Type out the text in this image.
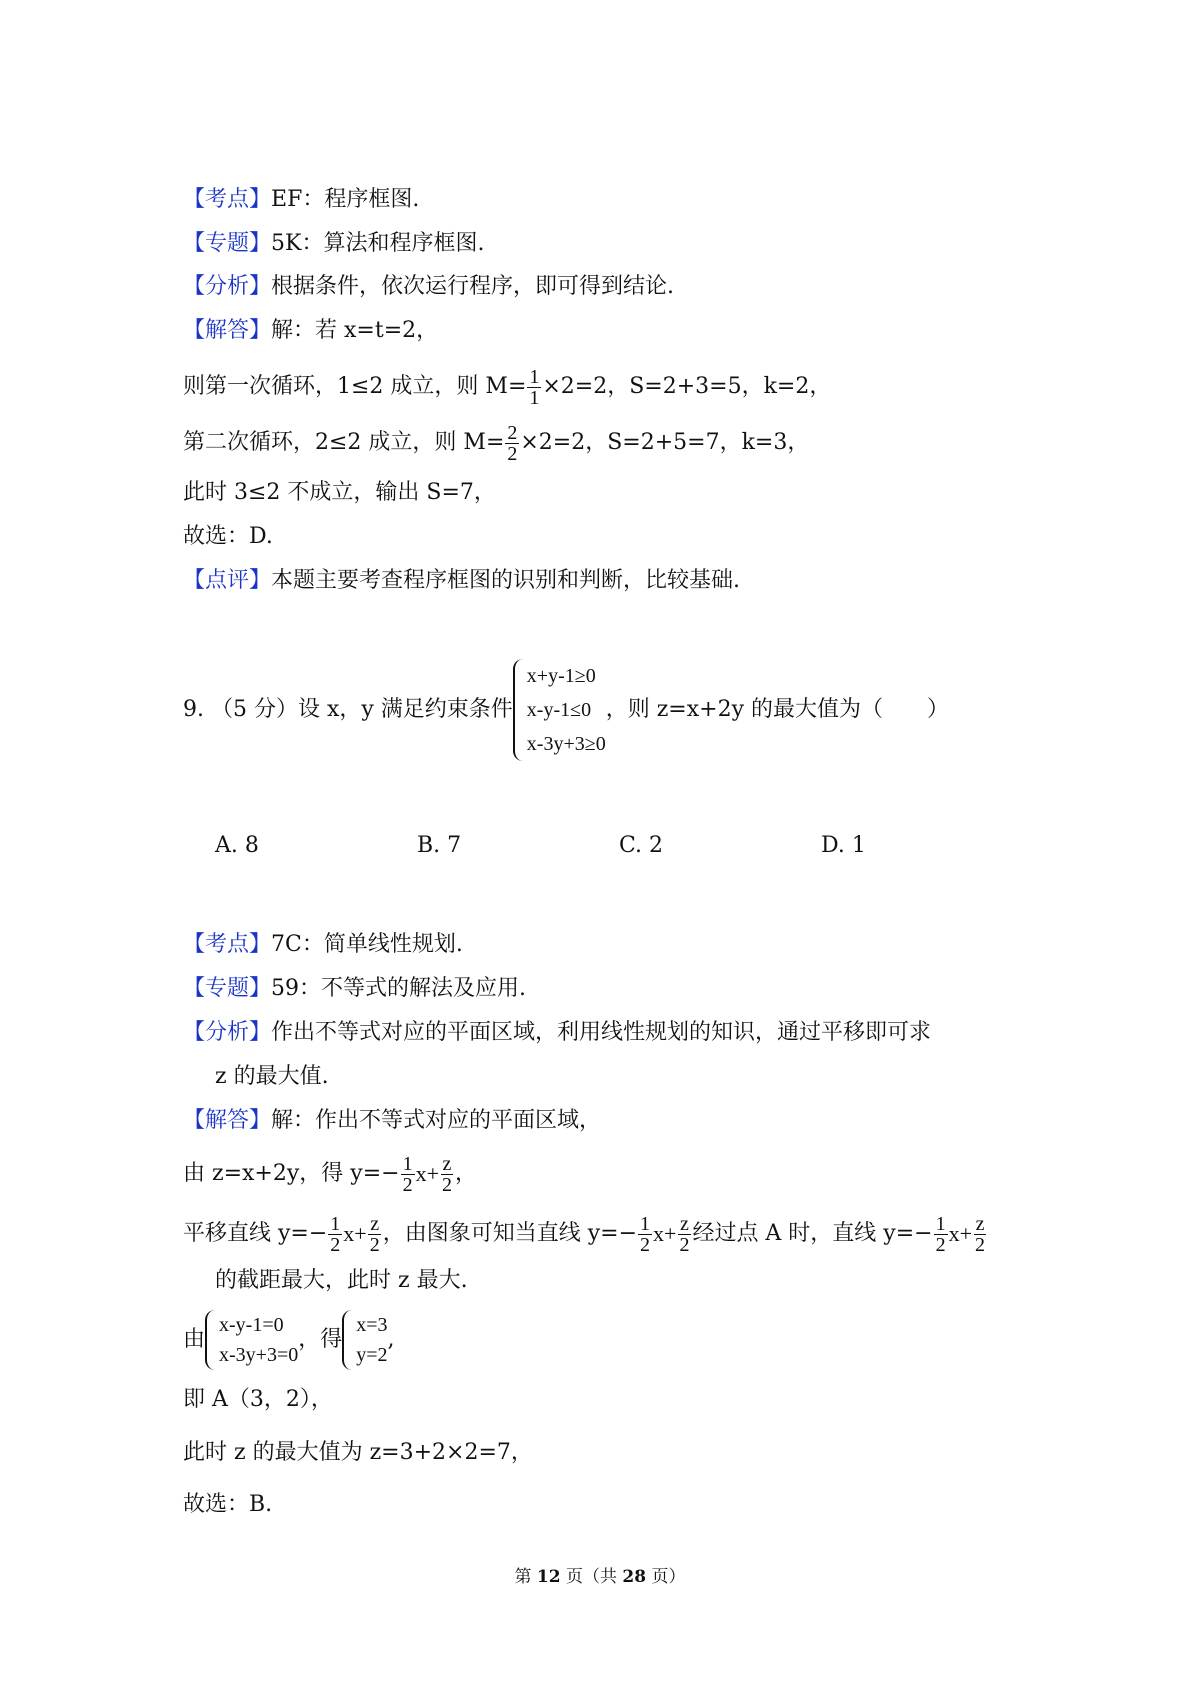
【考点】 EF：程序框图.
【专题】 5K：算法和程序框图.
【分析】 根据条件，依次运行程序，即可得到结论.
【解答】 解：若 x=t=2，
则第一次循环，1≤2 成立，则 $M= \frac{1}{1} \times 2=2$，S=2+3=5，k=2，
第二次循环，2≤2 成立，则 $M= \frac{2}{2} \times 2=2$，S=2+5=7，k=3，
此时 3≤2 不成立，输出 S=7，
故选：D.
【点评】 本题主要考查程序框图的识别和判断，比较基础.
9. （5 分）设 x，y 满足约束条件
x+y-1≥0
x-y-1≤0
x-3y+3≥0
，则 z=x+2y 的最大值为（　　）
A. 8	B. 7	C. 2	D. 1
【考点】 7C：简单线性规划.
【专题】 59：不等式的解法及应用.
【分析】 作出不等式对应的平面区域，利用线性规划的知识，通过平移即可求
z 的最大值.
【解答】 解：作出不等式对应的平面区域，
由 z=x+2y，得 $y=- \frac{1}{2} x+ \frac{z}{2}$ ，
平移直线 $y=- \frac{1}{2} x+ \frac{z}{2}$ ，由图象可知当直线 $y=- \frac{1}{2} x+ \frac{z}{2}$ 经过点 A 时，直线 $y=- \frac{1}{2} x+ \frac{z}{2}$
的截距最大，此时 z 最大.
由
x-y-1=0
x-3y+3=0
，得
x=3
y=2
,
即 A（3，2），
此时 z 的最大值为 z=3+2×2=7，
故选：B.
第 12 页（共 28 页）
